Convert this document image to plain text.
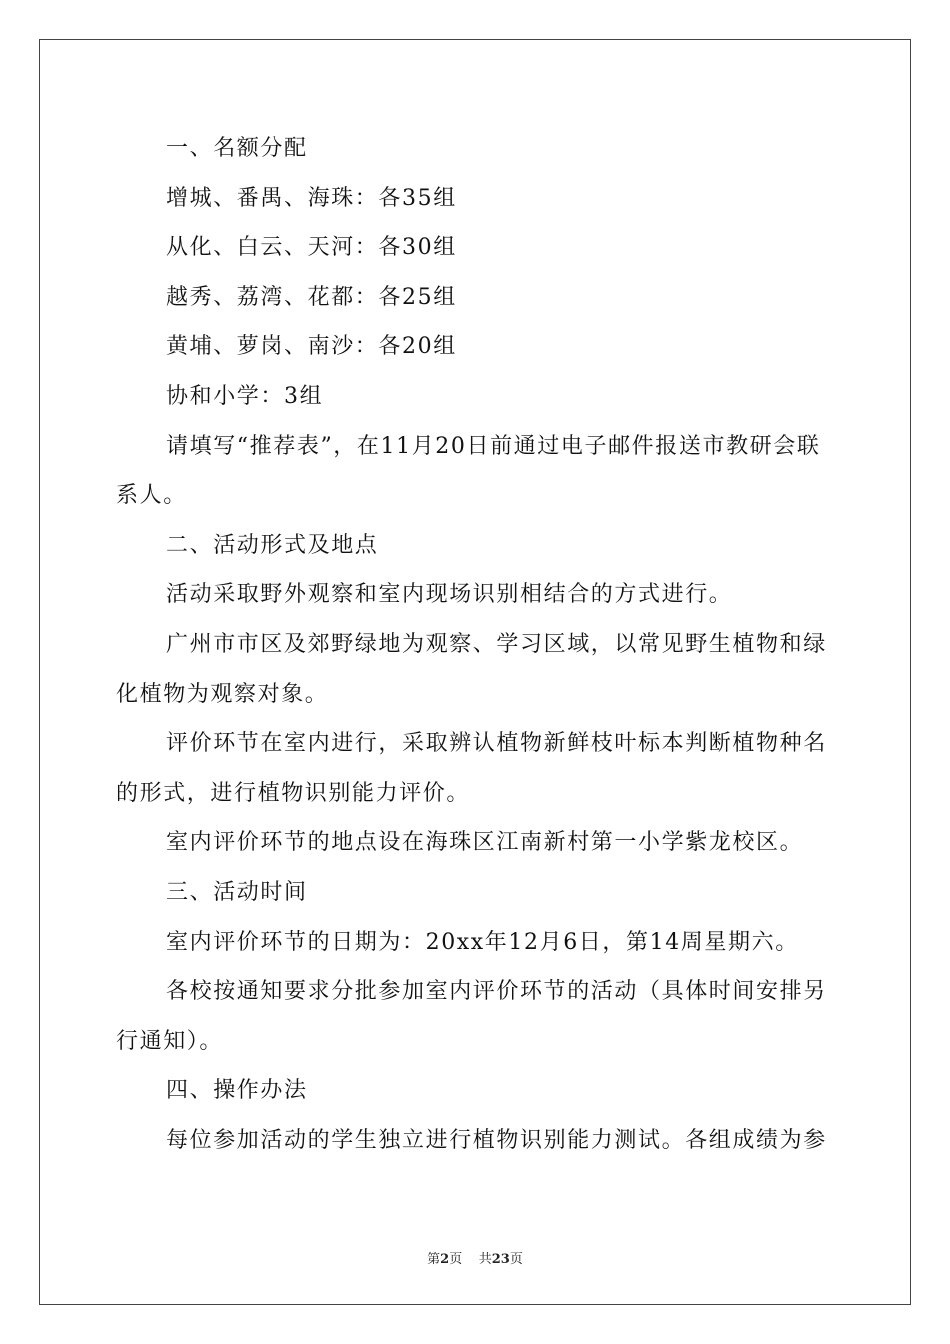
一、名额分配

增城、番禺、海珠：各35组

从化、白云、天河：各30组

越秀、荔湾、花都：各25组

黄埔、萝岗、南沙：各20组

协和小学：3组

请填写“推荐表”，在11月20日前通过电子邮件报送市教研会联系人。

二、活动形式及地点

活动采取野外观察和室内现场识别相结合的方式进行。

广州市市区及郊野绿地为观察、学习区域，以常见野生植物和绿化植物为观察对象。

评价环节在室内进行，采取辨认植物新鲜枝叶标本判断植物种名的形式，进行植物识别能力评价。

室内评价环节的地点设在海珠区江南新村第一小学紫龙校区。

三、活动时间

室内评价环节的日期为：20xx年12月6日，第14周星期六。

各校按通知要求分批参加室内评价环节的活动（具体时间安排另行通知）。

四、操作办法

每位参加活动的学生独立进行植物识别能力测试。各组成绩为参

第2页 共23页
